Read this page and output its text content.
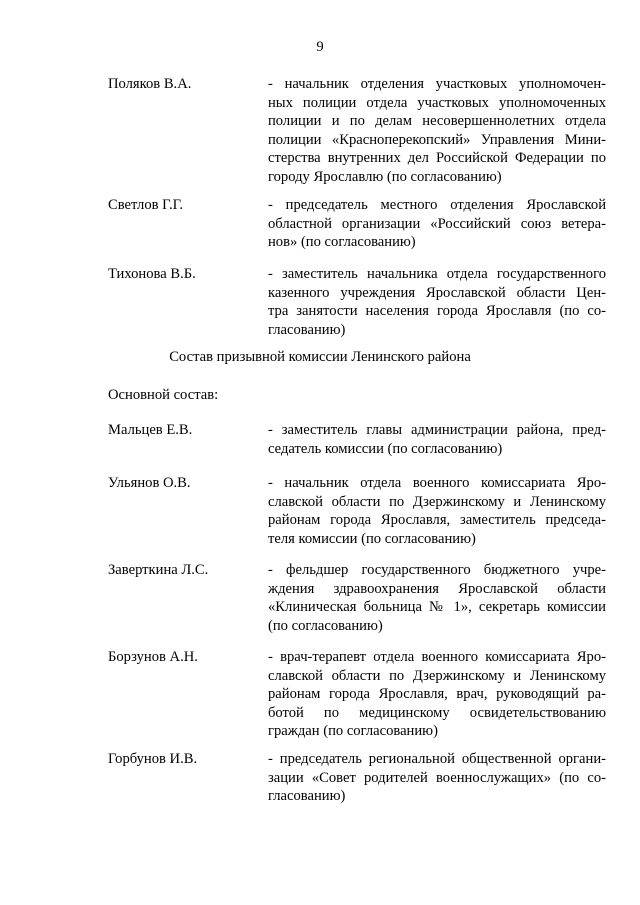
9
Поляков В.А.	- начальник отделения участковых уполномочен-
ных полиции отдела участковых уполномоченных
полиции и по делам несовершеннолетних отдела
полиции «Красноперекопский» Управления Мини-
стерства внутренних дел Российской Федерации по
городу Ярославлю (по согласованию)
Светлов Г.Г.	- председатель местного отделения Ярославской
областной организации «Российский союз ветера-
нов» (по согласованию)
Тихонова В.Б.	- заместитель начальника отдела государственного
казенного учреждения Ярославской области Цен-
тра занятости населения города Ярославля (по со-
гласованию)
Состав призывной комиссии Ленинского района
Основной состав:
Мальцев Е.В.	- заместитель главы администрации района, пред-
седатель комиссии (по согласованию)
Ульянов О.В.	- начальник отдела военного комиссариата Яро-
славской области по Дзержинскому и Ленинскому
районам города Ярославля, заместитель председа-
теля комиссии (по согласованию)
Заверткина Л.С.	- фельдшер государственного бюджетного учре-
ждения здравоохранения Ярославской области
«Клиническая больница № 1», секретарь комиссии
(по согласованию)
Борзунов А.Н.	- врач-терапевт отдела военного комиссариата Яро-
славской области по Дзержинскому и Ленинскому
районам города Ярославля, врач, руководящий ра-
ботой по медицинскому освидетельствованию
граждан (по согласованию)
Горбунов И.В.	- председатель региональной общественной органи-
зации «Совет родителей военнослужащих» (по со-
гласованию)
